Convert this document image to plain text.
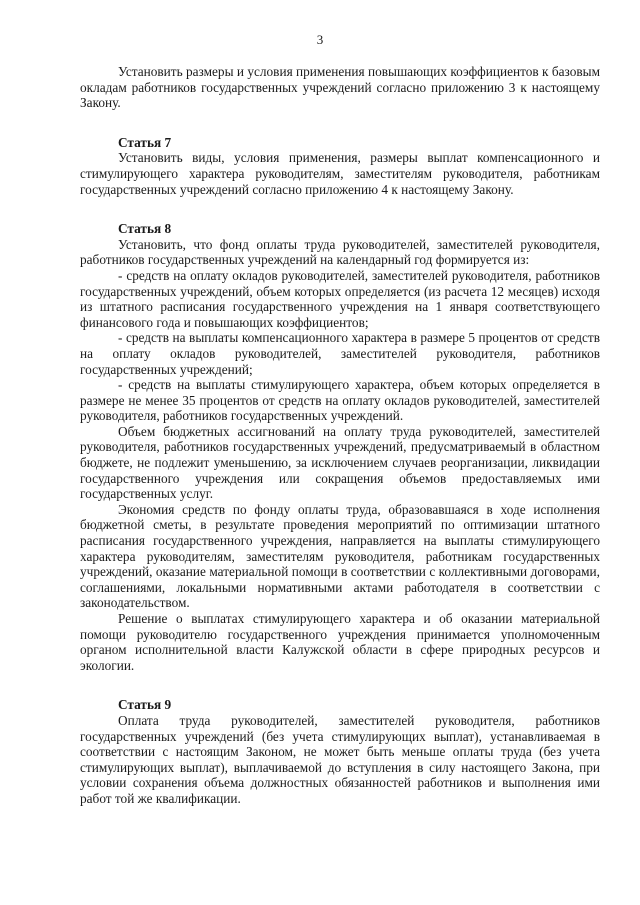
3

Установить размеры и условия применения повышающих коэффициентов к базовым окладам работников государственных учреждений согласно приложению 3 к настоящему Закону.

Статья 7

Установить виды, условия применения, размеры выплат компенсационного и стимулирующего характера руководителям, заместителям руководителя, работникам государственных учреждений согласно приложению 4 к настоящему Закону.

Статья 8

Установить, что фонд оплаты труда руководителей, заместителей руководителя, работников государственных учреждений на календарный год формируется из:

- средств на оплату окладов руководителей, заместителей руководителя, работников государственных учреждений, объем которых определяется (из расчета 12 месяцев) исходя из штатного расписания государственного учреждения на 1 января соответствующего финансового года и повышающих коэффициентов;

- средств на выплаты компенсационного характера в размере 5 процентов от средств на оплату окладов руководителей, заместителей руководителя, работников государственных учреждений;

- средств на выплаты стимулирующего характера, объем которых определяется в размере не менее 35 процентов от средств на оплату окладов руководителей, заместителей руководителя, работников государственных учреждений.

Объем бюджетных ассигнований на оплату труда руководителей, заместителей руководителя, работников государственных учреждений, предусматриваемый в областном бюджете, не подлежит уменьшению, за исключением случаев реорганизации, ликвидации государственного учреждения или сокращения объемов предоставляемых ими государственных услуг.

Экономия средств по фонду оплаты труда, образовавшаяся в ходе исполнения бюджетной сметы, в результате проведения мероприятий по оптимизации штатного расписания государственного учреждения, направляется на выплаты стимулирующего характера руководителям, заместителям руководителя, работникам государственных учреждений, оказание материальной помощи в соответствии с коллективными договорами, соглашениями, локальными нормативными актами работодателя в соответствии с законодательством.

Решение о выплатах стимулирующего характера и об оказании материальной помощи руководителю государственного учреждения принимается уполномоченным органом исполнительной власти Калужской области в сфере природных ресурсов и экологии.

Статья 9

Оплата труда руководителей, заместителей руководителя, работников государственных учреждений (без учета стимулирующих выплат), устанавливаемая в соответствии с настоящим Законом, не может быть меньше оплаты труда (без учета стимулирующих выплат), выплачиваемой до вступления в силу настоящего Закона, при условии сохранения объема должностных обязанностей работников и выполнения ими работ той же квалификации.
